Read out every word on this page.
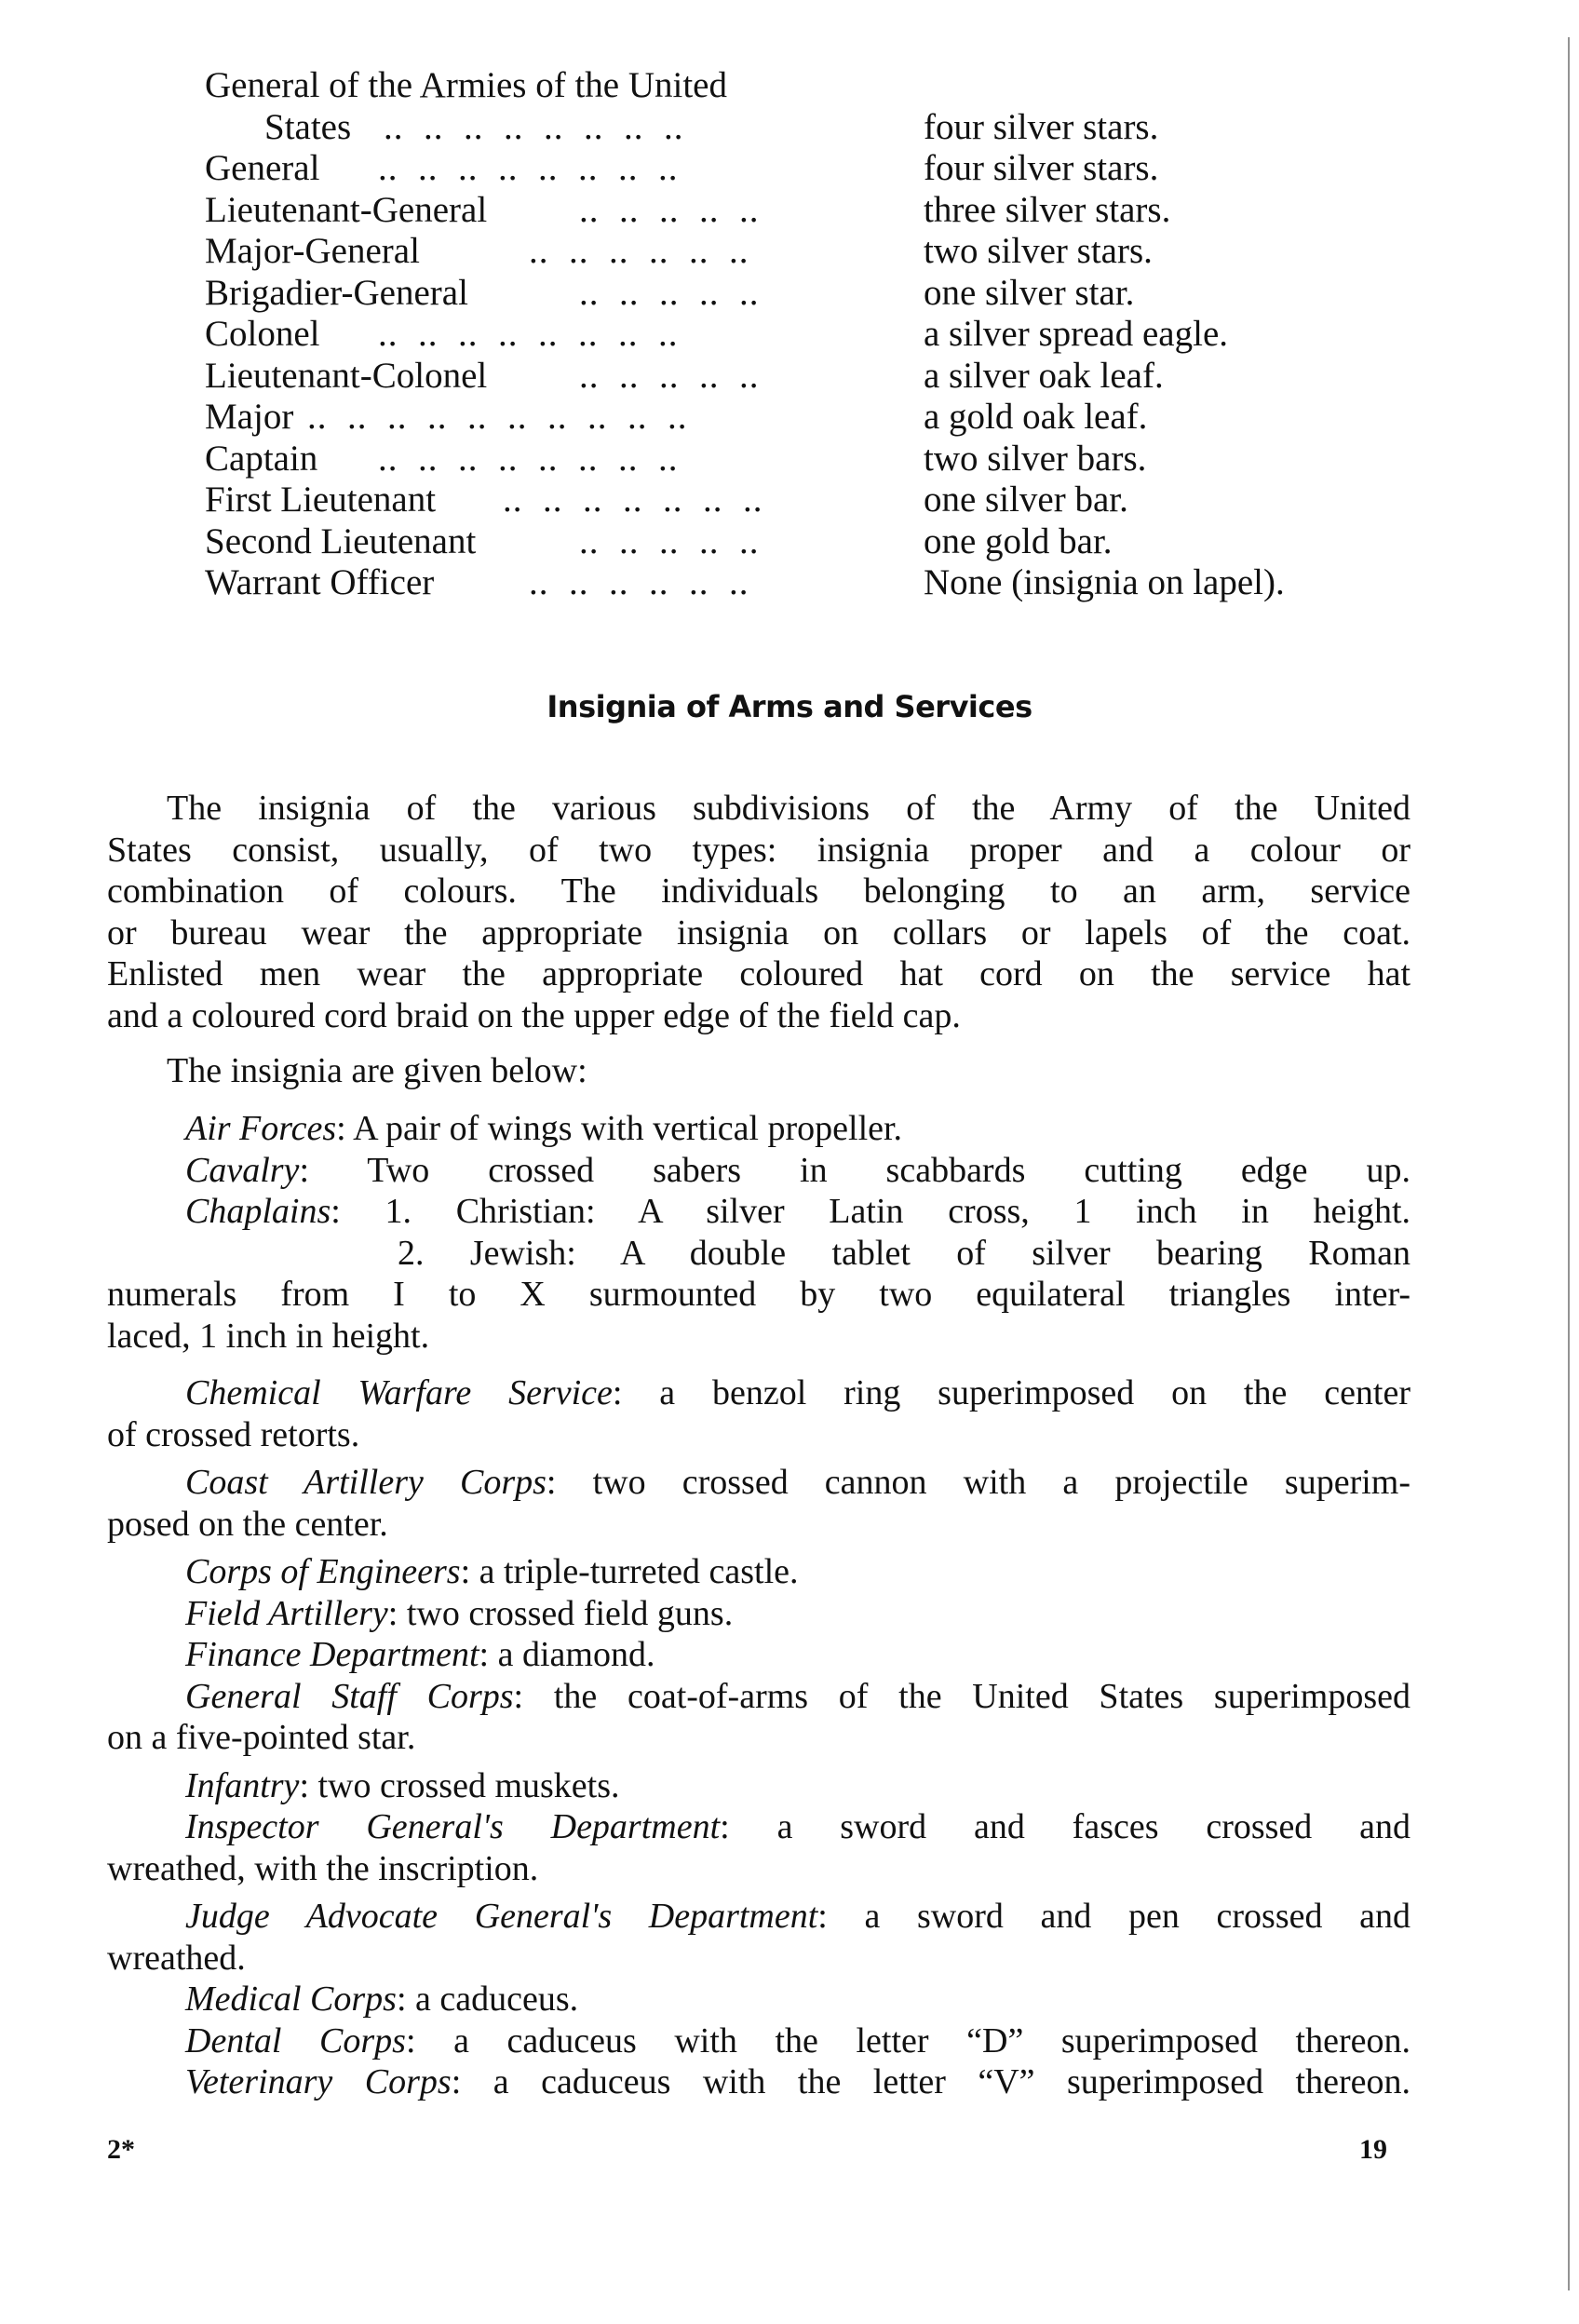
General of the Armies of the United
States ..  ..  ..  ..  ..  ..  ..  ..	four silver stars.
General ..  ..  ..  ..  ..  ..  ..  ..	four silver stars.
Lieutenant-General	..  ..  ..  ..  ..	three silver stars.
Major-General	..  ..  ..  ..  ..  ..	two silver stars.
Brigadier-General	..  ..  ..  ..  ..	one silver star.
Colonel ..  ..  ..  ..  ..  ..  ..  ..	a silver spread eagle.
Lieutenant-Colonel	..  ..  ..  ..  ..	a silver oak leaf.
Major ..  ..  ..  ..  ..  ..  ..  ..  ..  ..	a gold oak leaf.
Captain ..  ..  ..  ..  ..  ..  ..  ..	two silver bars.
First Lieutenant ..  ..  ..  ..  ..  ..  ..	one silver bar.
Second Lieutenant	..  ..  ..  ..  ..	one gold bar.
Warrant Officer	..  ..  ..  ..  ..  ..	None (insignia on lapel).
Insignia of Arms and Services

The insignia of the various subdivisions of the Army of the United
States consist, usually, of two types: insignia proper and a colour or
combination of colours. The individuals belonging to an arm, service
or bureau wear the appropriate insignia on collars or lapels of the coat.
Enlisted men wear the appropriate coloured hat cord on the service hat
and a coloured cord braid on the upper edge of the field cap.

The insignia are given below:

Air Forces: A pair of wings with vertical propeller.

Cavalry: Two crossed sabers in scabbards cutting edge up.

Chaplains: 1. Christian: A silver Latin cross, 1 inch in height.
2. Jewish: A double tablet of silver bearing Roman
numerals from I to X surmounted by two equilateral triangles inter-
laced, 1 inch in height.

Chemical Warfare Service: a benzol ring superimposed on the center
of crossed retorts.

Coast Artillery Corps: two crossed cannon with a projectile superim-
posed on the center.

Corps of Engineers: a triple-turreted castle.

Field Artillery: two crossed field guns.

Finance Department: a diamond.

General Staff Corps: the coat-of-arms of the United States superimposed
on a five-pointed star.

Infantry: two crossed muskets.

Inspector General's Department: a sword and fasces crossed and
wreathed, with the inscription.

Judge Advocate General's Department: a sword and pen crossed and
wreathed.

Medical Corps: a caduceus.

Dental Corps: a caduceus with the letter “D” superimposed thereon.

Veterinary Corps: a caduceus with the letter “V” superimposed thereon.

2*	19
